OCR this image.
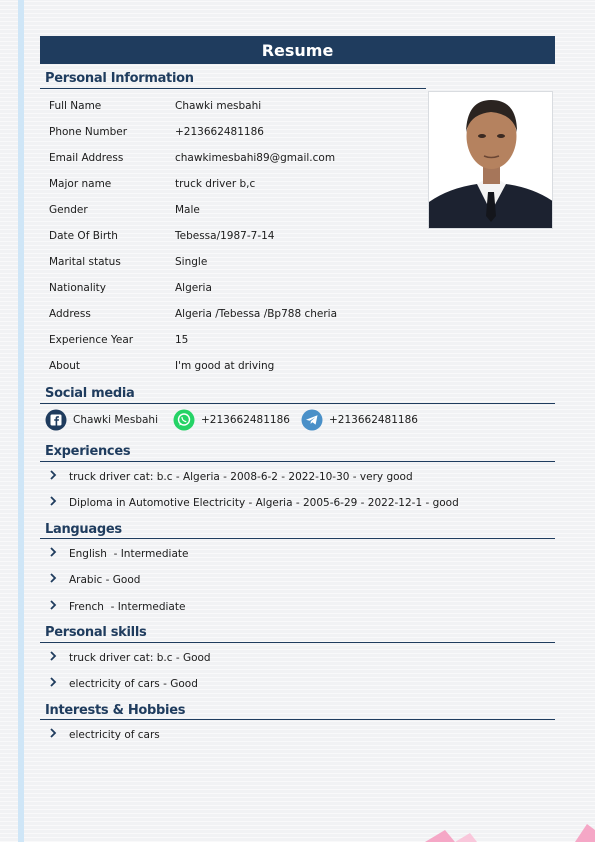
Resume
Personal Information
Full Name	Chawki mesbahi
Phone Number	+213662481186
Email Address	chawkimesbahi89@gmail.com
Major name	truck driver b,c
Gender	Male
Date Of Birth	Tebessa/1987-7-14
Marital status	Single
Nationality	Algeria
Address	Algeria /Tebessa /Bp788 cheria
Experience Year	15
About	I'm good at driving
Social media
Chawki Mesbahi	+213662481186	+213662481186
Experiences
truck driver cat: b.c - Algeria - 2008-6-2 - 2022-10-30 - very good
Diploma in Automotive Electricity - Algeria - 2005-6-29 - 2022-12-1 - good
Languages
English  - Intermediate
Arabic - Good
French  - Intermediate
Personal skills
truck driver cat: b.c - Good
electricity of cars - Good
Interests & Hobbies
electricity of cars
